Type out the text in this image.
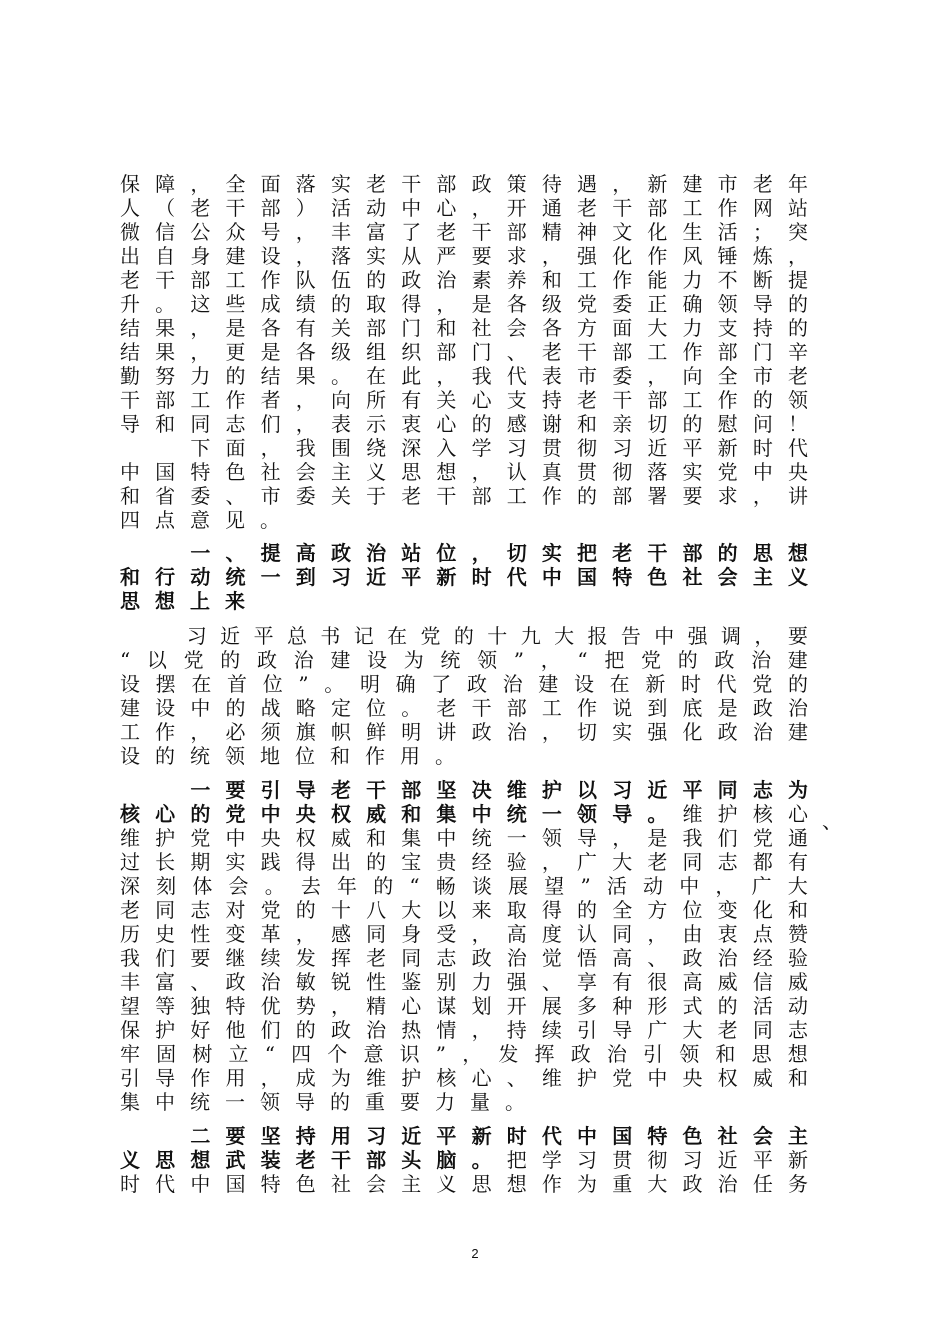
保 障 ， 全 面 落 实 老 干 部 政 策 待 遇 ， 新 建 市 老 年
人 （ 老 干 部 ） 活 动 中 心 ， 开 通 老 干 部 工 作 网 站
微 信 公 众 号 ， 丰 富 了 老 干 部 精 神 文 化 生 活 ； 突
出 自 身 建 设 ， 落 实 从 严 要 求 ， 强 化 作 风 锤 炼 ，
老 干 部 工 作 队 伍 的 政 治 素 养 和 工 作 能 力 不 断 提
升 。 这 些 成 绩 的 取 得 ， 是 各 级 党 委 正 确 领 导 的
结 果 ， 是 各 有 关 部 门 和 社 会 各 方 面 大 力 支 持 的
结 果 ， 更 是 各 级 组 织 部 门 、 老 干 部 工 作 部 门 辛
勤 努 力 的 结 果 。 在 此 ， 我 代 表 市 委 ， 向 全 市 老
干 部 工 作 者 ， 向 所 有 关 心 支 持 老 干 部 工 作 的 领
导 和 同 志 们 ， 表 示 衷 心 的 感 谢 和 亲 切 的 慰 问 ！

下 面 ， 我 围 绕 深 入 学 习 贯 彻 习 近 平 新 时 代
中 国 特 色 社 会 主 义 思 想 ， 认 真 贯 彻 落 实 党 中 央
和 省 委 、 市 委 关 于 老 干 部 工 作 的 部 署 要 求 ， 讲
四 点 意 见 。

一 、 提 高 政 治 站 位 ， 切 实 把 老 干 部 的 思 想
和 行 动 统 一 到 习 近 平 新 时 代 中 国 特 色 社 会 主 义
思 想 上 来

习 近 平 总 书 记 在 党 的 十 九 大 报 告 中 强 调 ， 要
“ 以 党 的 政 治 建 设 为 统 领 ” ， “ 把 党 的 政 治 建
设 摆 在 首 位 ” 。 明 确 了 政 治 建 设 在 新 时 代 党 的
建 设 中 的 战 略 定 位 。 老 干 部 工 作 说 到 底 是 政 治
工 作 ， 必 须 旗 帜 鲜 明 讲 政 治 ， 切 实 强 化 政 治 建
设 的 统 领 地 位 和 作 用 。

一 要 引 导 老 干 部 坚 决 维 护 以 习 近 平 同 志 为
核 心 的 党 中 央 权 威 和 集 中 统 一 领 导 。 维 护 核 心
维 护 党 中 央 权 威 和 集 中 统 一 领 导 ， 是 我 们 党 通
过 长 期 实 践 得 出 的 宝 贵 经 验 ， 广 大 老 同 志 都 有
深 刻 体 会 。 去 年 的 “ 畅 谈 展 望 ” 活 动 中 ， 广 大
老 同 志 对 党 的 十 八 大 以 来 取 得 的 全 方 位 变 化 和
历 史 性 变 革 ， 感 同 身 受 ， 高 度 认 同 ， 由 衷 点 赞
我 们 要 继 续 发 挥 老 同 志 政 治 觉 悟 高 、 政 治 经 验
丰 富 、 政 治 敏 锐 性 鉴 别 力 强 、 享 有 很 高 威 信 威
望 等 独 特 优 势 ， 精 心 谋 划 开 展 多 种 形 式 的 活 动
保 护 好 他 们 的 政 治 热 情 ， 持 续 引 导 广 大 老 同 志
牢 固 树 立 “ 四 个 意 识 ” ， 发 挥 政 治 引 领 和 思 想
引 导 作 用 ， 成 为 维 护 核 心 、 维 护 党 中 央 权 威 和
集 中 统 一 领 导 的 重 要 力 量 。

二 要 坚 持 用 习 近 平 新 时 代 中 国 特 色 社 会 主
义 思 想 武 装 老 干 部 头 脑 。 把 学 习 贯 彻 习 近 平 新
时 代 中 国 特 色 社 会 主 义 思 想 作 为 重 大 政 治 任 务
、
2
